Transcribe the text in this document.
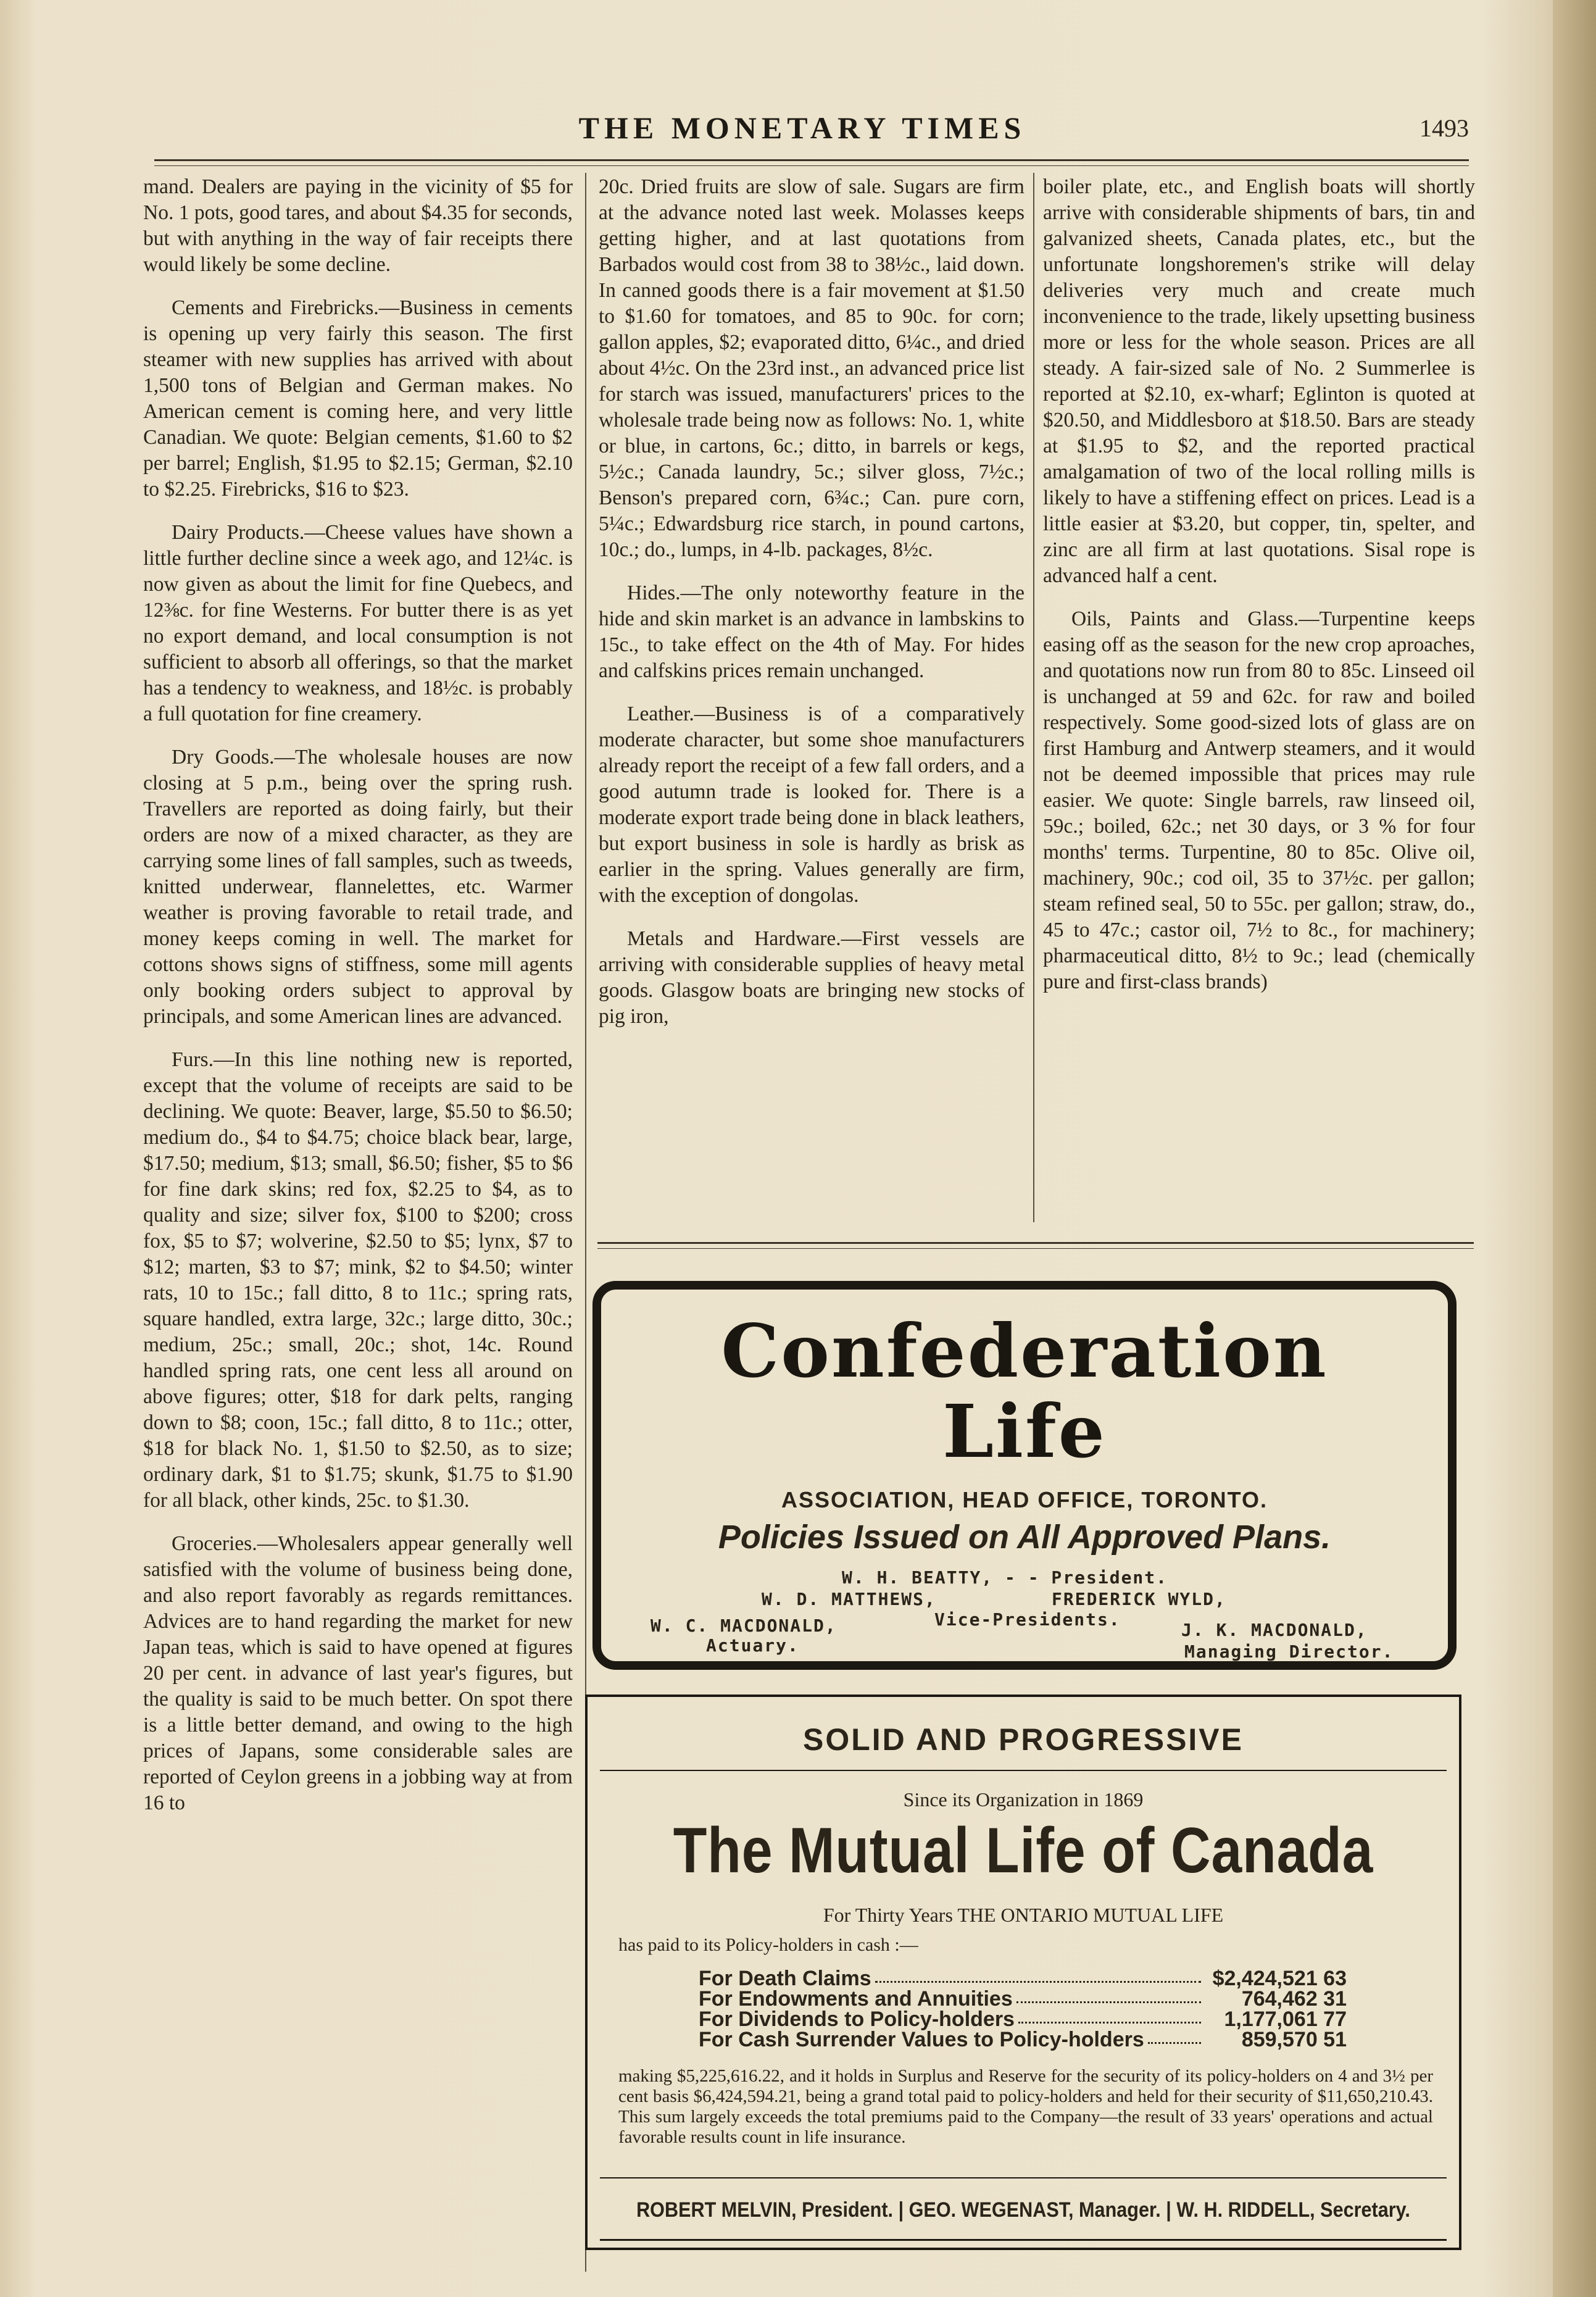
THE MONETARY TIMES	1493

mand. Dealers are paying in the vicinity of $5 for No. 1 pots, good tares, and about $4.35 for seconds, but with anything in the way of fair receipts there would likely be some decline.

Cements and Firebricks.—Business in cements is opening up very fairly this season. The first steamer with new supplies has arrived with about 1,500 tons of Belgian and German makes. No American cement is coming here, and very little Canadian. We quote: Belgian cements, $1.60 to $2 per barrel; English, $1.95 to $2.15; German, $2.10 to $2.25. Firebricks, $16 to $23.

Dairy Products.—Cheese values have shown a little further decline since a week ago, and 12¼c. is now given as about the limit for fine Quebecs, and 12⅜c. for fine Westerns. For butter there is as yet no export demand, and local consumption is not sufficient to absorb all offerings, so that the market has a tendency to weakness, and 18½c. is probably a full quotation for fine creamery.

Dry Goods.—The wholesale houses are now closing at 5 p.m., being over the spring rush. Travellers are reported as doing fairly, but their orders are now of a mixed character, as they are carrying some lines of fall samples, such as tweeds, knitted underwear, flannelettes, etc. Warmer weather is proving favorable to retail trade, and money keeps coming in well. The market for cottons shows signs of stiffness, some mill agents only booking orders subject to approval by principals, and some American lines are advanced.

Furs.—In this line nothing new is reported, except that the volume of receipts are said to be declining. We quote: Beaver, large, $5.50 to $6.50; medium do., $4 to $4.75; choice black bear, large, $17.50; medium, $13; small, $6.50; fisher, $5 to $6 for fine dark skins; red fox, $2.25 to $4, as to quality and size; silver fox, $100 to $200; cross fox, $5 to $7; wolverine, $2.50 to $5; lynx, $7 to $12; marten, $3 to $7; mink, $2 to $4.50; winter rats, 10 to 15c.; fall ditto, 8 to 11c.; spring rats, square handled, extra large, 32c.; large ditto, 30c.; medium, 25c.; small, 20c.; shot, 14c. Round handled spring rats, one cent less all around on above figures; otter, $18 for dark pelts, ranging down to $8; coon, 15c.; fall ditto, 8 to 11c.; otter, $18 for black No. 1, $1.50 to $2.50, as to size; ordinary dark, $1 to $1.75; skunk, $1.75 to $1.90 for all black, other kinds, 25c. to $1.30.

Groceries.—Wholesalers appear generally well satisfied with the volume of business being done, and also report favorably as regards remittances. Advices are to hand regarding the market for new Japan teas, which is said to have opened at figures 20 per cent. in advance of last year's figures, but the quality is said to be much better. On spot there is a little better demand, and owing to the high prices of Japans, some considerable sales are reported of Ceylon greens in a jobbing way at from 16 to

20c. Dried fruits are slow of sale. Sugars are firm at the advance noted last week. Molasses keeps getting higher, and at last quotations from Barbados would cost from 38 to 38½c., laid down. In canned goods there is a fair movement at $1.50 to $1.60 for tomatoes, and 85 to 90c. for corn; gallon apples, $2; evaporated ditto, 6¼c., and dried about 4½c. On the 23rd inst., an advanced price list for starch was issued, manufacturers' prices to the wholesale trade being now as follows: No. 1, white or blue, in cartons, 6c.; ditto, in barrels or kegs, 5½c.; Canada laundry, 5c.; silver gloss, 7½c.; Benson's prepared corn, 6¾c.; Can. pure corn, 5¼c.; Edwardsburg rice starch, in pound cartons, 10c.; do., lumps, in 4-lb. packages, 8½c.

Hides.—The only noteworthy feature in the hide and skin market is an advance in lambskins to 15c., to take effect on the 4th of May. For hides and calfskins prices remain unchanged.

Leather.—Business is of a comparatively moderate character, but some shoe manufacturers already report the receipt of a few fall orders, and a good autumn trade is looked for. There is a moderate export trade being done in black leathers, but export business in sole is hardly as brisk as earlier in the spring. Values generally are firm, with the exception of dongolas.

Metals and Hardware.—First vessels are arriving with considerable supplies of heavy metal goods. Glasgow boats are bringing new stocks of pig iron,

boiler plate, etc., and English boats will shortly arrive with considerable shipments of bars, tin and galvanized sheets, Canada plates, etc., but the unfortunate longshoremen's strike will delay deliveries very much and create much inconvenience to the trade, likely upsetting business more or less for the whole season. Prices are all steady. A fair-sized sale of No. 2 Summerlee is reported at $2.10, ex-wharf; Eglinton is quoted at $20.50, and Middlesboro at $18.50. Bars are steady at $1.95 to $2, and the reported practical amalgamation of two of the local rolling mills is likely to have a stiffening effect on prices. Lead is a little easier at $3.20, but copper, tin, spelter, and zinc are all firm at last quotations. Sisal rope is advanced half a cent.

Oils, Paints and Glass.—Turpentine keeps easing off as the season for the new crop aproaches, and quotations now run from 80 to 85c. Linseed oil is unchanged at 59 and 62c. for raw and boiled respectively. Some good-sized lots of glass are on first Hamburg and Antwerp steamers, and it would not be deemed impossible that prices may rule easier. We quote: Single barrels, raw linseed oil, 59c.; boiled, 62c.; net 30 days, or 3 % for four months' terms. Turpentine, 80 to 85c. Olive oil, machinery, 90c.; cod oil, 35 to 37½c. per gallon; steam refined seal, 50 to 55c. per gallon; straw, do., 45 to 47c.; castor oil, 7½ to 8c., for machinery; pharmaceutical ditto, 8½ to 9c.; lead (chemically pure and first-class brands)

Confederation
Life
ASSOCIATION, HEAD OFFICE, TORONTO.
Policies Issued on All Approved Plans.
W. H. BEATTY, - - President.
W. D. MATTHEWS,	FREDERICK WYLD,
Vice-Presidents.
W. C. MACDONALD,
Actuary.
J. K. MACDONALD,
Managing Director.
SOLID AND PROGRESSIVE
Since its Organization in 1869
The Mutual Life of Canada
For Thirty Years THE ONTARIO MUTUAL LIFE
has paid to its Policy-holders in cash :—
For Death Claims	$2,424,521 63
For Endowments and Annuities	764,462 31
For Dividends to Policy-holders	1,177,061 77
For Cash Surrender Values to Policy-holders	859,570 51
making $5,225,616.22, and it holds in Surplus and Reserve for the security of its policy-holders on 4 and 3½ per cent basis $6,424,594.21, being a grand total paid to policy-holders and held for their security of $11,650,210.43. This sum largely exceeds the total premiums paid to the Company—the result of 33 years' operations and actual favorable results count in life insurance.
ROBERT MELVIN, President. | GEO. WEGENAST, Manager. | W. H. RIDDELL, Secretary.
